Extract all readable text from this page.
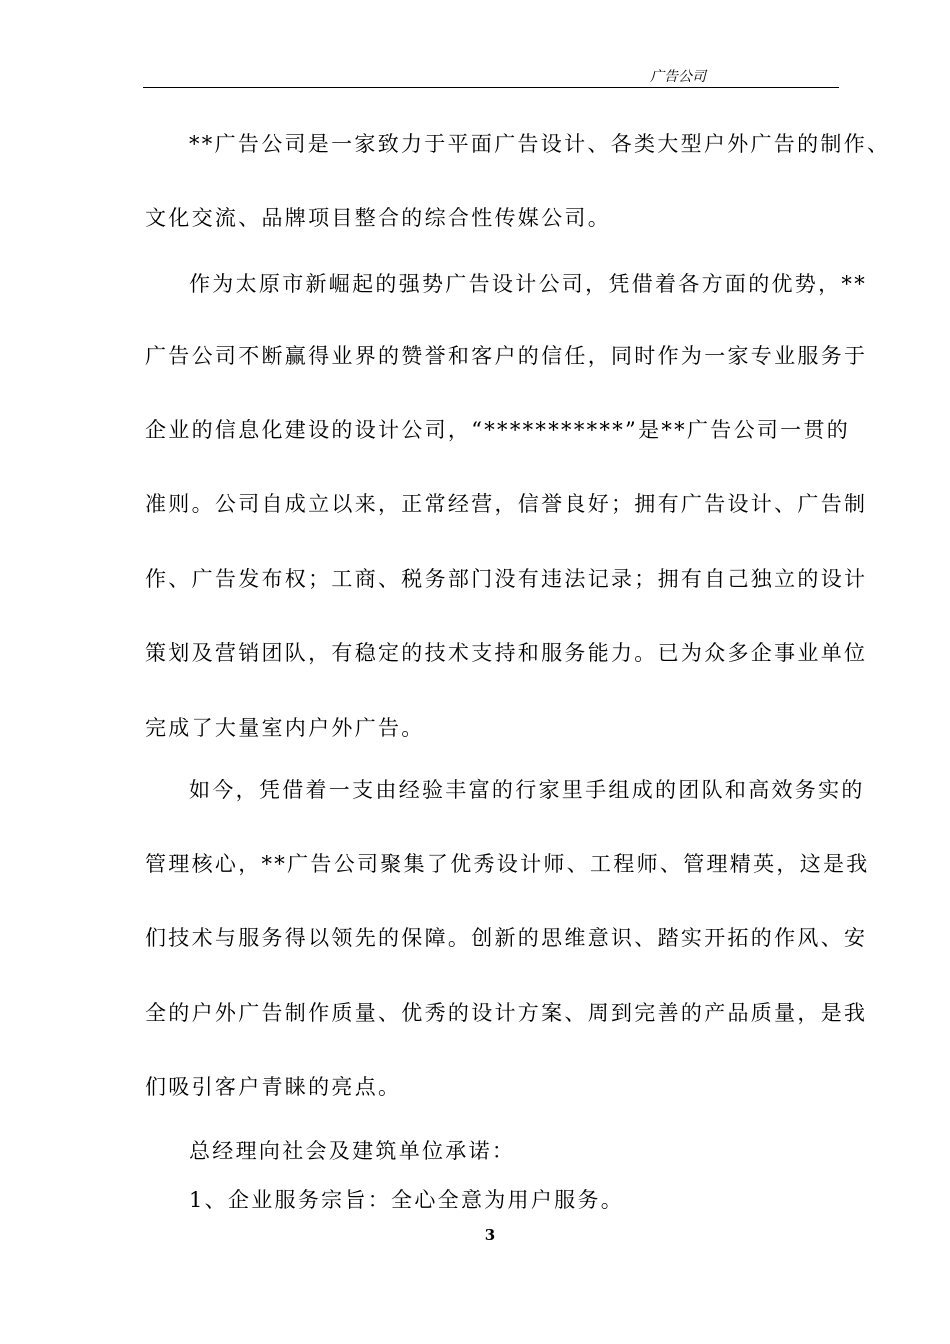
广告公司
**广告公司是一家致力于平面广告设计、各类大型户外广告的制作、
文化交流、品牌项目整合的综合性传媒公司。
作为太原市新崛起的强势广告设计公司，凭借着各方面的优势，**
广告公司不断赢得业界的赞誉和客户的信任，同时作为一家专业服务于
企业的信息化建设的设计公司，“***********”是**广告公司一贯的
准则。公司自成立以来，正常经营，信誉良好；拥有广告设计、广告制
作、广告发布权；工商、税务部门没有违法记录；拥有自己独立的设计
策划及营销团队，有稳定的技术支持和服务能力。已为众多企事业单位
完成了大量室内户外广告。
如今，凭借着一支由经验丰富的行家里手组成的团队和高效务实的
管理核心，**广告公司聚集了优秀设计师、工程师、管理精英，这是我
们技术与服务得以领先的保障。创新的思维意识、踏实开拓的作风、安
全的户外广告制作质量、优秀的设计方案、周到完善的产品质量，是我
们吸引客户青睐的亮点。
总经理向社会及建筑单位承诺：
1、企业服务宗旨：全心全意为用户服务。
3
